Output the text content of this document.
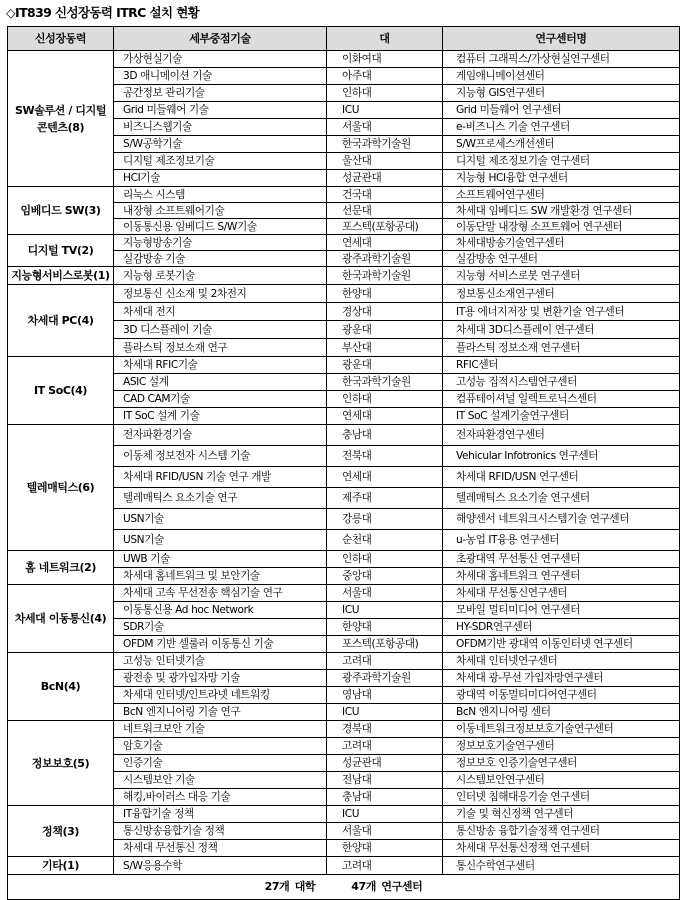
◇IT839 신성장동력 ITRC 설치 현황
신성장동력	세부중점기술	대	연구센터명
SW솔루션 / 디지털콘텐츠(8)	가상현실기술	이화여대	컴퓨터 그래픽스/가상현실연구센터
	3D 애니메이션 기술	아주대	게임애니메이션센터
	공간정보 관리기술	인하대	지능형 GIS연구센터
	Grid 미들웨어 기술	ICU	Grid 미들웨어 연구센터
	비즈니스웹기술	서울대	e-비즈니스 기술 연구센터
	S/W공학기술	한국과학기술원	S/W프로세스개선센터
	디지털 제조정보기술	울산대	디지털 제조정보기술 연구센터
	HCI기술	성균관대	지능형 HCI융합 연구센터
임베디드 SW(3)	리눅스 시스템	건국대	소프트웨어연구센터
	내장형 소프트웨어기술	선문대	차세대 임베디드 SW 개발환경 연구센터
	이동통신용 임베디드 S/W기술	포스텍(포항공대)	이동단말 내장형 소프트웨어 연구센터
디지털 TV(2)	지능형방송기술	연세대	차세대방송기술연구센터
	실감방송 기술	광주과학기술원	실감방송 연구센터
지능형서비스로봇(1)	지능형 로봇기술	한국과학기술원	지능형 서비스로봇 연구센터
차세대 PC(4)	정보통신 신소재 및 2차전지	한양대	정보통신소재연구센터
	차세대 전지	경상대	IT용 에너지저장 및 변환기술 연구센터
	3D 디스플레이 기술	광운대	차세대 3D디스플레이 연구센터
	플라스틱 정보소재 연구	부산대	플라스틱 정보소재 연구센터
IT SoC(4)	차세대 RFIC기술	광운대	RFIC센터
	ASIC 설계	한국과학기술원	고성능 집적시스템연구센터
	CAD CAM기술	인하대	컴퓨테이셔널 일렉트로닉스센터
	IT SoC 설계 기술	연세대	IT SoC 설계기술연구센터
텔레매틱스(6)	전자파환경기술	충남대	전자파환경연구센터
	이동체 정보전자 시스템 기술	전북대	Vehicular Infotronics 연구센터
	차세대 RFID/USN 기술 연구 개발	연세대	차세대 RFID/USN 연구센터
	텔레매틱스 요소기술 연구	제주대	텔레매틱스 요소기술 연구센터
	USN기술	강릉대	해양센서 네트워크시스템기술 연구센터
	USN기술	순천대	u-농업 IT융용 연구센터
홈 네트워크(2)	UWB 기술	인하대	초광대역 무선통신 연구센터
	차세대 홈네트워크 및 보안기술	중앙대	차세대 홈네트워크 연구센터
차세대 이동통신(4)	차세대 고속 무선전송 핵심기술 연구	서울대	차세대 무선통신연구센터
	이동통신용 Ad hoc Network	ICU	모바일 멀티미디어 연구센터
	SDR기술	한양대	HY-SDR연구센터
	OFDM 기반 셀룰러 이동통신 기술	포스텍(포항공대)	OFDM기반 광대역 이동인터넷 연구센터
BcN(4)	고성능 인터넷기술	고려대	차세대 인터넷연구센터
	광전송 및 광가입자망 기술	광주과학기술원	차세대 광-무선 가입자망연구센터
	차세대 인터넷/인트라넷 네트워킹	영남대	광대역 이동멀티미디어연구센터
	BcN 엔지니어링 기술 연구	ICU	BcN 엔지니어링 센터
정보보호(5)	네트워크보안 기술	경북대	이동네트워크정보보호기술연구센터
	암호기술	고려대	정보보호기술연구센터
	인증기술	성균관대	정보보호 인증기술연구센터
	시스템보안 기술	전남대	시스템보안연구센터
	해킹,바이러스 대응 기술	충남대	인터넷 침해대응기술 연구센터
정책(3)	IT융합기술 정책	ICU	기술 및 혁신정책 연구센터
	통신방송융합기술 정책	서울대	통신방송 융합기술정책 연구센터
	차세대 무선통신 정책	한양대	차세대 무선통신정책 연구센터
기타(1)	S/W응용수학	고려대	통신수학연구센터
27개 대학 47개 연구센터			
